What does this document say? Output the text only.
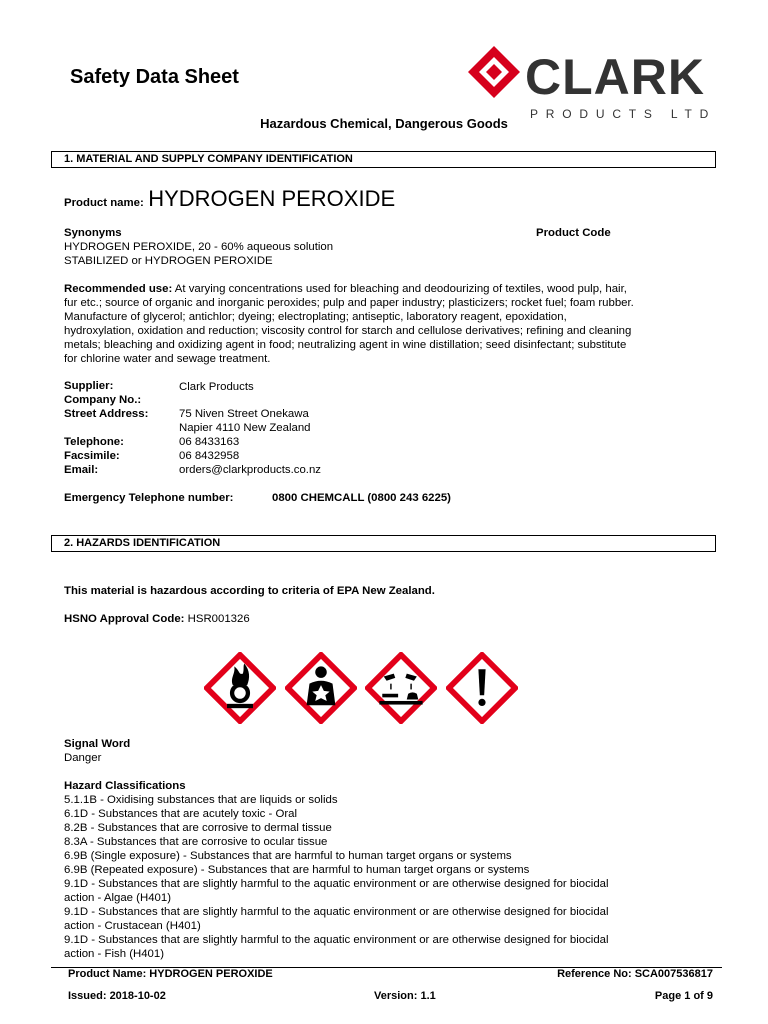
Safety Data Sheet	CLARK
PRODUCTS LTD
Hazardous Chemical, Dangerous Goods
1. MATERIAL AND SUPPLY COMPANY IDENTIFICATION
Product name: HYDROGEN PEROXIDE
Synonyms	Product Code
HYDROGEN PEROXIDE, 20 - 60% aqueous solution
STABILIZED or HYDROGEN PEROXIDE
Recommended use: At varying concentrations used for bleaching and deodourizing of textiles, wood pulp, hair,
fur etc.; source of organic and inorganic peroxides; pulp and paper industry; plasticizers; rocket fuel; foam rubber.
Manufacture of glycerol; antichlor; dyeing; electroplating; antiseptic, laboratory reagent, epoxidation,
hydroxylation, oxidation and reduction; viscosity control for starch and cellulose derivatives; refining and cleaning
metals; bleaching and oxidizing agent in food; neutralizing agent in wine distillation; seed disinfectant; substitute
for chlorine water and sewage treatment.
Supplier:	Clark Products
Company No.:
Street Address:	75 Niven Street Onekawa
Napier 4110 New Zealand
Telephone:	06 8433163
Facsimile:	06 8432958
Email:	orders@clarkproducts.co.nz
Emergency Telephone number:	0800 CHEMCALL (0800 243 6225)
2. HAZARDS IDENTIFICATION
This material is hazardous according to criteria of EPA New Zealand.
HSNO Approval Code: HSR001326
Signal Word
Danger
Hazard Classifications
5.1.1B - Oxidising substances that are liquids or solids
6.1D - Substances that are acutely toxic - Oral
8.2B - Substances that are corrosive to dermal tissue
8.3A - Substances that are corrosive to ocular tissue
6.9B (Single exposure) - Substances that are harmful to human target organs or systems
6.9B (Repeated exposure) - Substances that are harmful to human target organs or systems
9.1D - Substances that are slightly harmful to the aquatic environment or are otherwise designed for biocidal
action - Algae (H401)
9.1D - Substances that are slightly harmful to the aquatic environment or are otherwise designed for biocidal
action - Crustacean (H401)
9.1D - Substances that are slightly harmful to the aquatic environment or are otherwise designed for biocidal
action - Fish (H401)
Product Name: HYDROGEN PEROXIDE	Reference No: SCA007536817
Issued: 2018-10-02	Version: 1.1	Page 1 of 9
